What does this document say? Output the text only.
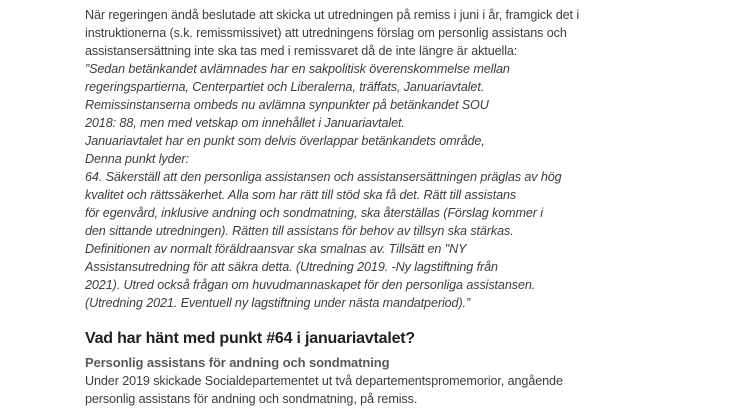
När regeringen ändå beslutade att skicka ut utredningen på remiss i juni i år, framgick det i
instruktionerna (s.k. remissmissivet) att utredningens förslag om personlig assistans och
assistansersättning inte ska tas med i remissvaret då de inte längre är aktuella:
”Sedan betänkandet avlämnades har en sakpolitisk överenskommelse mellan
regeringspartierna, Centerpartiet och Liberalerna, träffats, Januariavtalet.
Remissinstanserna ombeds nu avlämna synpunkter på betänkandet SOU
2018: 88, men med vetskap om innehållet i Januariavtalet.
Januariavtalet har en punkt som delvis överlappar betänkandets område,
Denna punkt lyder:
64. Säkerställ att den personliga assistansen och assistansersättningen präglas av hög
kvalitet och rättssäkerhet. Alla som har rätt till stöd ska få det. Rätt till assistans
för egenvård, inklusive andning och sondmatning, ska återställas (Förslag kommer i
den sittande utredningen). Rätten till assistans för behov av tillsyn ska stärkas.
Definitionen av normalt föräldraansvar ska smalnas av. Tillsätt en "NY
Assistansutredning för att säkra detta. (Utredning 2019. -Ny lagstiftning från
2021). Utred också frågan om huvudmannaskapet för den personliga assistansen.
(Utredning 2021. Eventuell ny lagstiftning under nästa mandatperiod).”
Vad har hänt med punkt #64 i januariavtalet?
Personlig assistans för andning och sondmatning
Under 2019 skickade Socialdepartementet ut två departementspromemorior, angående
personlig assistans för andning och sondmatning, på remiss.
